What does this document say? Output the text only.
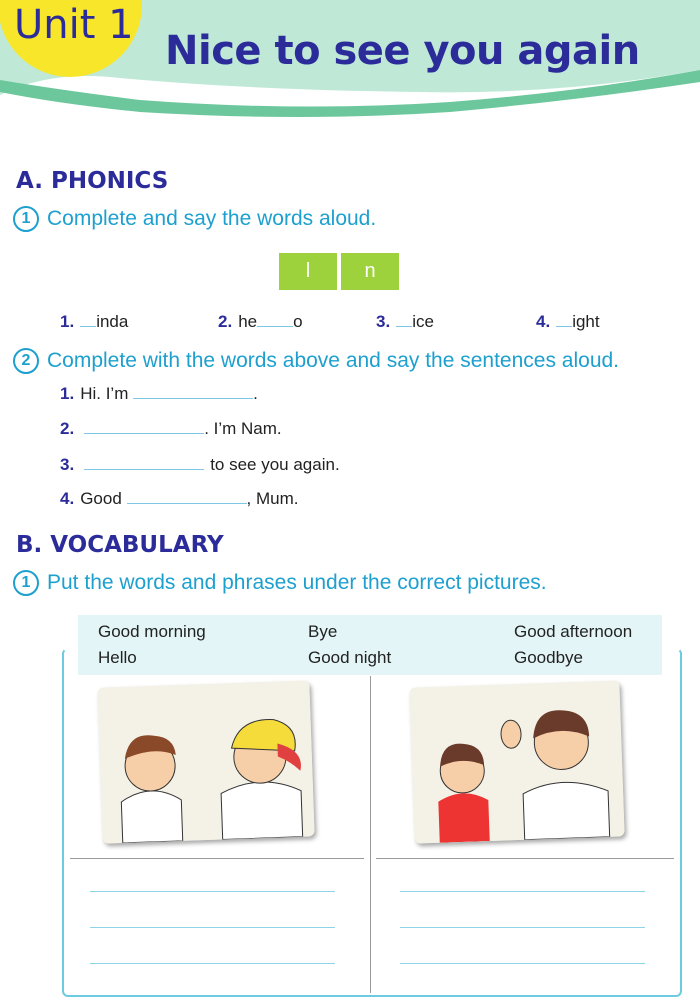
Unit 1
Nice to see you again
A. PHONICS
1 Complete and say the words aloud.
l	n
1. inda	2. he o	3. ice	4. ight
2 Complete with the words above and say the sentences aloud.
1. Hi. I’m	.
2.	. I’m Nam.
3.	to see you again.
4. Good	, Mum.
B. VOCABULARY
1 Put the words and phrases under the correct pictures.
Good morning	Bye	Good afternoon
Hello	Good night	Goodbye
